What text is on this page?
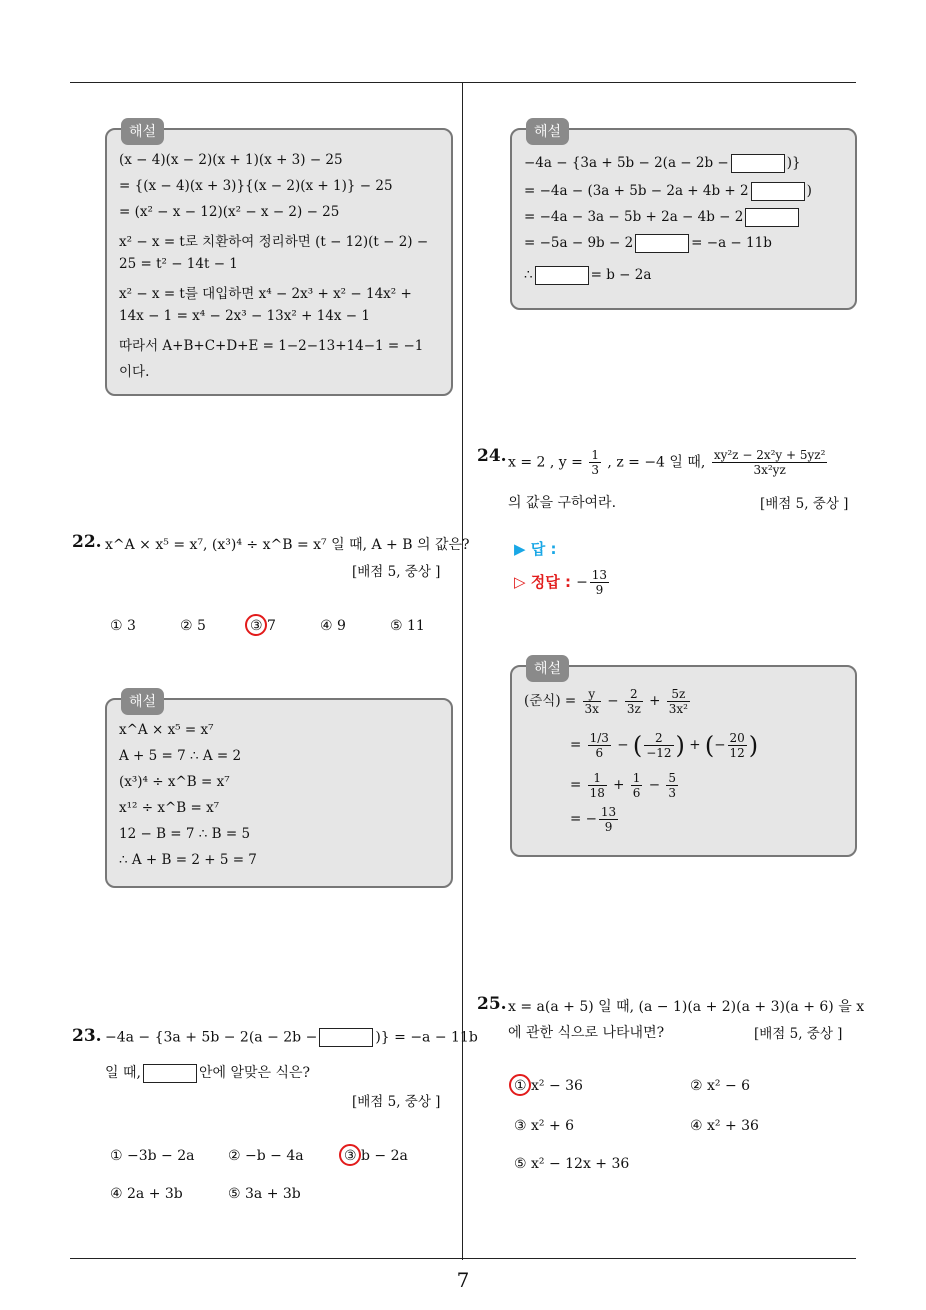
7
해설
(x − 4)(x − 2)(x + 1)(x + 3) − 25
= {(x − 4)(x + 3)}{(x − 2)(x + 1)} − 25
= (x² − x − 12)(x² − x − 2) − 25
x² − x = t로 치환하여 정리하면 (t − 12)(t − 2) −
25 = t² − 14t − 1
x² − x = t를 대입하면 x⁴ − 2x³ + x² − 14x² +
14x − 1 = x⁴ − 2x³ − 13x² + 14x − 1
따라서 A+B+C+D+E = 1−2−13+14−1 = −1
이다.
22. x^A × x⁵ = x⁷, (x³)⁴ ÷ x^B = x⁷ 일 때, A + B 의 값은?
[배점 5, 중상 ]
① 3	② 5	③ 7	④ 9	⑤ 11
해설
x^A × x⁵ = x⁷
A + 5 = 7 ∴ A = 2
(x³)⁴ ÷ x^B = x⁷
x¹² ÷ x^B = x⁷
12 − B = 7 ∴ B = 5
∴ A + B = 2 + 5 = 7
23. −4a − {3a + 5b − 2(a − 2b −	)} = −a − 11b
일 때,	안에 알맞은 식은?
[배점 5, 중상 ]
① −3b − 2a ② −b − 4a	③ b − 2a
④ 2a + 3b	⑤ 3a + 3b
해설
−4a − {3a + 5b − 2(a − 2b −	)}
= −4a − (3a + 5b − 2a + 4b + 2	)
= −4a − 3a − 5b + 2a − 4b − 2
= −5a − 9b − 2	= −a − 11b
∴	= b − 2a
24. x = 2 , $y = \frac{1}{3}$ , z = −4 일 때, $\frac{\text{xy²z − 2x²y + 5yz²}}{\text{3x²yz}}$
의 값을 구하여라.	[배점 5, 중상 ]
▶ 답 :
▷ 정답 : − $\frac{13}{9}$
해설
(준식) = $\frac{y}{3x} - \frac{2}{3z} + \frac{5z}{\text{3x²}}$
= $\frac{1/3}{6}$ − ( $\frac{2}{-12}$ ) + (− $\frac{20}{12}$ )
= $\frac{1}{18} + \frac{1}{6} - \frac{5}{3}$
= − $\frac{13}{9}$
25. x = a(a + 5) 일 때, (a − 1)(a + 2)(a + 3)(a + 6) 을 x
에 관한 식으로 나타내면?	[배점 5, 중상 ]
① x² − 36	② x² − 6
③ x² + 6	④ x² + 36
⑤ x² − 12x + 36
